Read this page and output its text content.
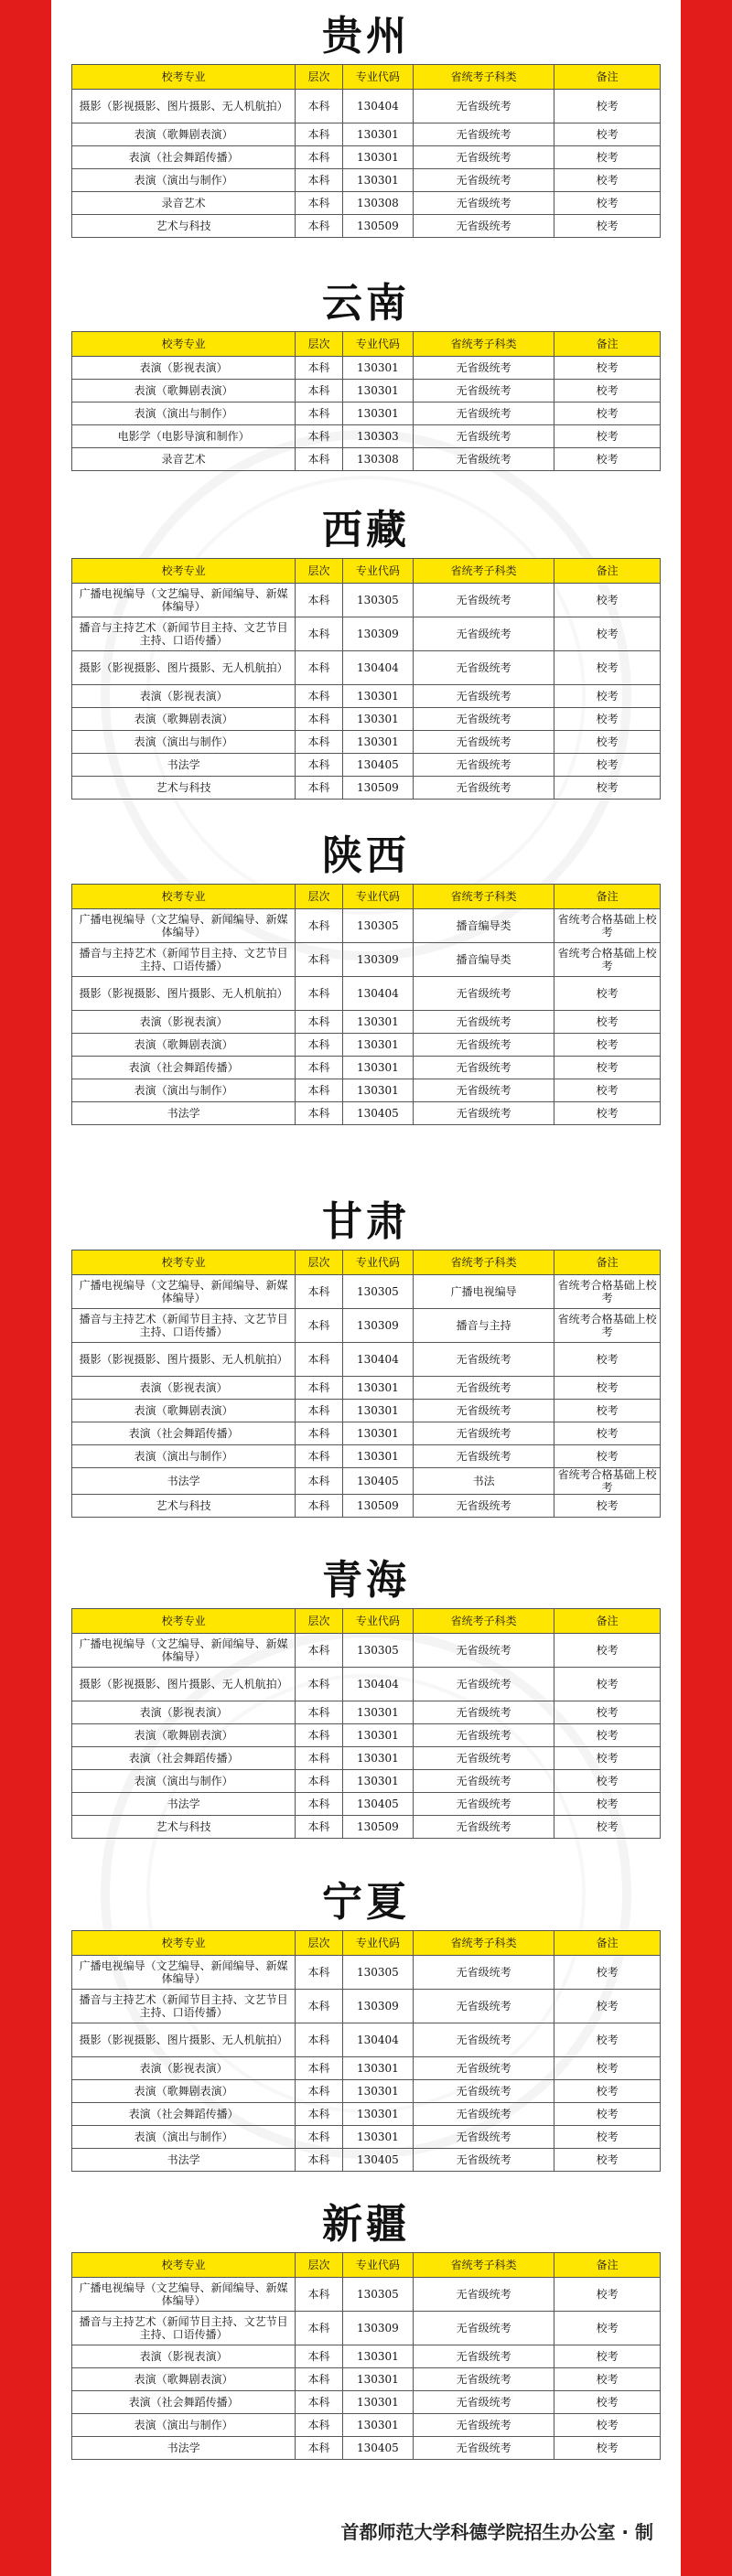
贵州
校考专业	层次	专业代码	省统考子科类	备注
摄影（影视摄影、图片摄影、无人机航拍）	本科	130404	无省级统考	校考
表演（歌舞剧表演）	本科	130301	无省级统考	校考
表演（社会舞蹈传播）	本科	130301	无省级统考	校考
表演（演出与制作）	本科	130301	无省级统考	校考
录音艺术	本科	130308	无省级统考	校考
艺术与科技	本科	130509	无省级统考	校考
云南
校考专业	层次	专业代码	省统考子科类	备注
表演（影视表演）	本科	130301	无省级统考	校考
表演（歌舞剧表演）	本科	130301	无省级统考	校考
表演（演出与制作）	本科	130301	无省级统考	校考
电影学（电影导演和制作）	本科	130303	无省级统考	校考
录音艺术	本科	130308	无省级统考	校考
西藏
校考专业	层次	专业代码	省统考子科类	备注
广播电视编导（文艺编导、新闻编导、新媒体编导）	本科	130305	无省级统考	校考
播音与主持艺术（新闻节目主持、文艺节目主持、口语传播）	本科	130309	无省级统考	校考
摄影（影视摄影、图片摄影、无人机航拍）	本科	130404	无省级统考	校考
表演（影视表演）	本科	130301	无省级统考	校考
表演（歌舞剧表演）	本科	130301	无省级统考	校考
表演（演出与制作）	本科	130301	无省级统考	校考
书法学	本科	130405	无省级统考	校考
艺术与科技	本科	130509	无省级统考	校考
陕西
校考专业	层次	专业代码	省统考子科类	备注
广播电视编导（文艺编导、新闻编导、新媒体编导）	本科	130305	播音编导类	省统考合格基础上校考
播音与主持艺术（新闻节目主持、文艺节目主持、口语传播）	本科	130309	播音编导类	省统考合格基础上校考
摄影（影视摄影、图片摄影、无人机航拍）	本科	130404	无省级统考	校考
表演（影视表演）	本科	130301	无省级统考	校考
表演（歌舞剧表演）	本科	130301	无省级统考	校考
表演（社会舞蹈传播）	本科	130301	无省级统考	校考
表演（演出与制作）	本科	130301	无省级统考	校考
书法学	本科	130405	无省级统考	校考
甘肃
校考专业	层次	专业代码	省统考子科类	备注
广播电视编导（文艺编导、新闻编导、新媒体编导）	本科	130305	广播电视编导	省统考合格基础上校考
播音与主持艺术（新闻节目主持、文艺节目主持、口语传播）	本科	130309	播音与主持	省统考合格基础上校考
摄影（影视摄影、图片摄影、无人机航拍）	本科	130404	无省级统考	校考
表演（影视表演）	本科	130301	无省级统考	校考
表演（歌舞剧表演）	本科	130301	无省级统考	校考
表演（社会舞蹈传播）	本科	130301	无省级统考	校考
表演（演出与制作）	本科	130301	无省级统考	校考
书法学	本科	130405	书法	省统考合格基础上校考
艺术与科技	本科	130509	无省级统考	校考
青海
校考专业	层次	专业代码	省统考子科类	备注
广播电视编导（文艺编导、新闻编导、新媒体编导）	本科	130305	无省级统考	校考
摄影（影视摄影、图片摄影、无人机航拍）	本科	130404	无省级统考	校考
表演（影视表演）	本科	130301	无省级统考	校考
表演（歌舞剧表演）	本科	130301	无省级统考	校考
表演（社会舞蹈传播）	本科	130301	无省级统考	校考
表演（演出与制作）	本科	130301	无省级统考	校考
书法学	本科	130405	无省级统考	校考
艺术与科技	本科	130509	无省级统考	校考
宁夏
校考专业	层次	专业代码	省统考子科类	备注
广播电视编导（文艺编导、新闻编导、新媒体编导）	本科	130305	无省级统考	校考
播音与主持艺术（新闻节目主持、文艺节目主持、口语传播）	本科	130309	无省级统考	校考
摄影（影视摄影、图片摄影、无人机航拍）	本科	130404	无省级统考	校考
表演（影视表演）	本科	130301	无省级统考	校考
表演（歌舞剧表演）	本科	130301	无省级统考	校考
表演（社会舞蹈传播）	本科	130301	无省级统考	校考
表演（演出与制作）	本科	130301	无省级统考	校考
书法学	本科	130405	无省级统考	校考
新疆
校考专业	层次	专业代码	省统考子科类	备注
广播电视编导（文艺编导、新闻编导、新媒体编导）	本科	130305	无省级统考	校考
播音与主持艺术（新闻节目主持、文艺节目主持、口语传播）	本科	130309	无省级统考	校考
表演（影视表演）	本科	130301	无省级统考	校考
表演（歌舞剧表演）	本科	130301	无省级统考	校考
表演（社会舞蹈传播）	本科	130301	无省级统考	校考
表演（演出与制作）	本科	130301	无省级统考	校考
书法学	本科	130405	无省级统考	校考
首都师范大学科德学院招生办公室 · 制
